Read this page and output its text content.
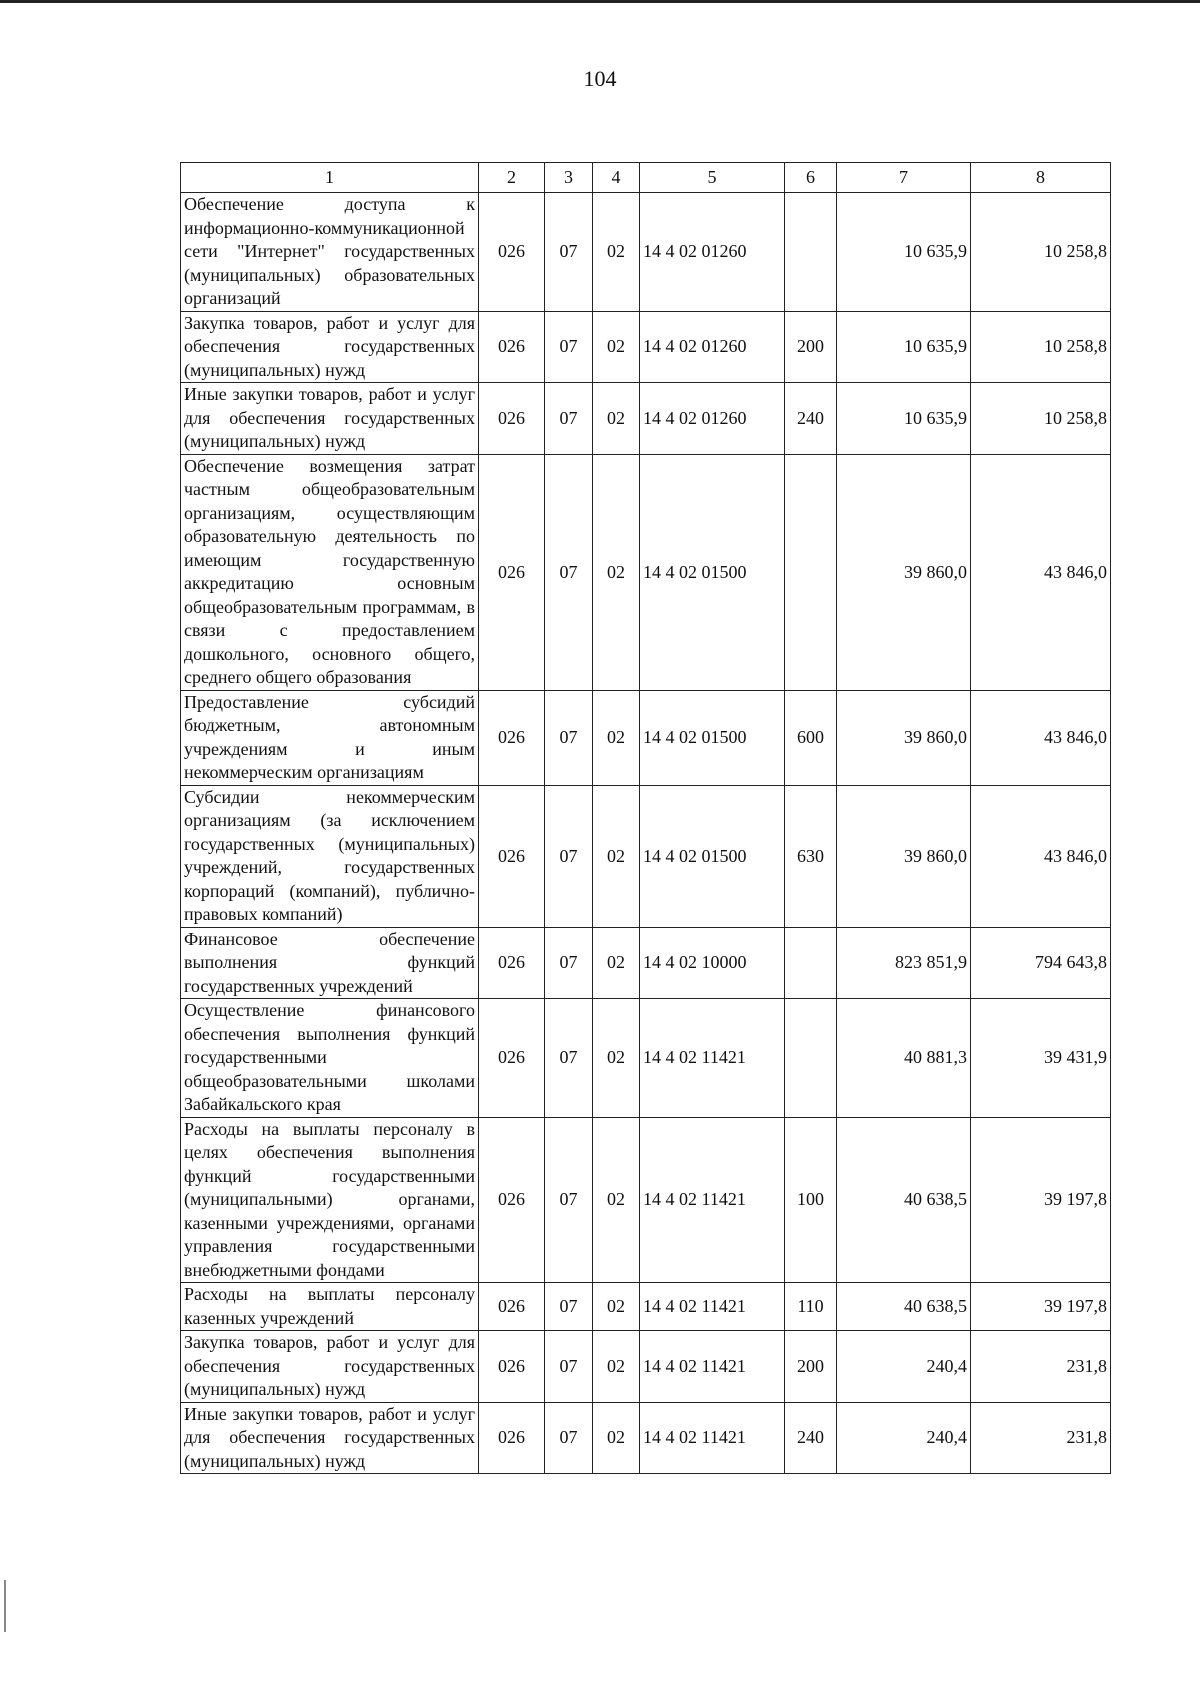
104
1	2	3	4	5	6	7	8
Обеспечение доступа к информационно-коммуникационной сети "Интернет" государственных (муниципальных) образовательных организаций	026	07	02	14 4 02 01260		10 635,9	10 258,8
Закупка товаров, работ и услуг для обеспечения государственных (муниципальных) нужд	026	07	02	14 4 02 01260	200	10 635,9	10 258,8
Иные закупки товаров, работ и услуг для обеспечения государственных (муниципальных) нужд	026	07	02	14 4 02 01260	240	10 635,9	10 258,8
Обеспечение возмещения затрат частным общеобразовательным организациям, осуществляющим образовательную деятельность по имеющим государственную аккредитацию основным общеобразовательным программам, в связи с предоставлением дошкольного, основного общего, среднего общего образования	026	07	02	14 4 02 01500		39 860,0	43 846,0
Предоставление субсидий бюджетным, автономным учреждениям и иным некоммерческим организациям	026	07	02	14 4 02 01500	600	39 860,0	43 846,0
Субсидии некоммерческим организациям (за исключением государственных (муниципальных) учреждений, государственных корпораций (компаний), публично-правовых компаний)	026	07	02	14 4 02 01500	630	39 860,0	43 846,0
Финансовое обеспечение выполнения функций государственных учреждений	026	07	02	14 4 02 10000		823 851,9	794 643,8
Осуществление финансового обеспечения выполнения функций государственными общеобразовательными школами Забайкальского края	026	07	02	14 4 02 11421		40 881,3	39 431,9
Расходы на выплаты персоналу в целях обеспечения выполнения функций государственными (муниципальными) органами, казенными учреждениями, органами управления государственными внебюджетными фондами	026	07	02	14 4 02 11421	100	40 638,5	39 197,8
Расходы на выплаты персоналу казенных учреждений	026	07	02	14 4 02 11421	110	40 638,5	39 197,8
Закупка товаров, работ и услуг для обеспечения государственных (муниципальных) нужд	026	07	02	14 4 02 11421	200	240,4	231,8
Иные закупки товаров, работ и услуг для обеспечения государственных (муниципальных) нужд	026	07	02	14 4 02 11421	240	240,4	231,8
